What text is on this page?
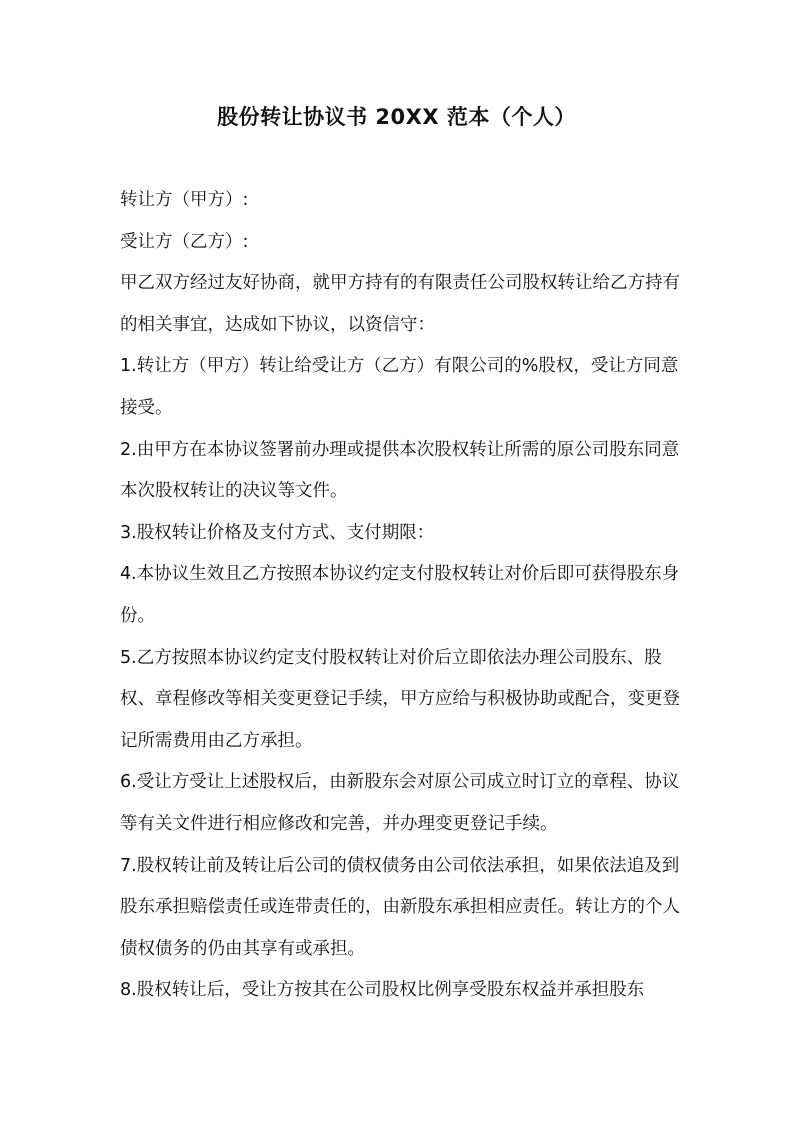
股份转让协议书 20XX 范本（个人）

转让方（甲方）:

受让方（乙方）:

甲乙双方经过友好协商，就甲方持有的有限责任公司股权转让给乙方持有的相关事宜，达成如下协议，以资信守：

1.转让方（甲方）转让给受让方（乙方）有限公司的%股权，受让方同意接受。

2.由甲方在本协议签署前办理或提供本次股权转让所需的原公司股东同意本次股权转让的决议等文件。

3.股权转让价格及支付方式、支付期限：

4.本协议生效且乙方按照本协议约定支付股权转让对价后即可获得股东身份。

5.乙方按照本协议约定支付股权转让对价后立即依法办理公司股东、股权、章程修改等相关变更登记手续，甲方应给与积极协助或配合，变更登记所需费用由乙方承担。

6.受让方受让上述股权后，由新股东会对原公司成立时订立的章程、协议等有关文件进行相应修改和完善，并办理变更登记手续。

7.股权转让前及转让后公司的债权债务由公司依法承担，如果依法追及到股东承担赔偿责任或连带责任的，由新股东承担相应责任。转让方的个人债权债务的仍由其享有或承担。

8.股权转让后，受让方按其在公司股权比例享受股东权益并承担股东
